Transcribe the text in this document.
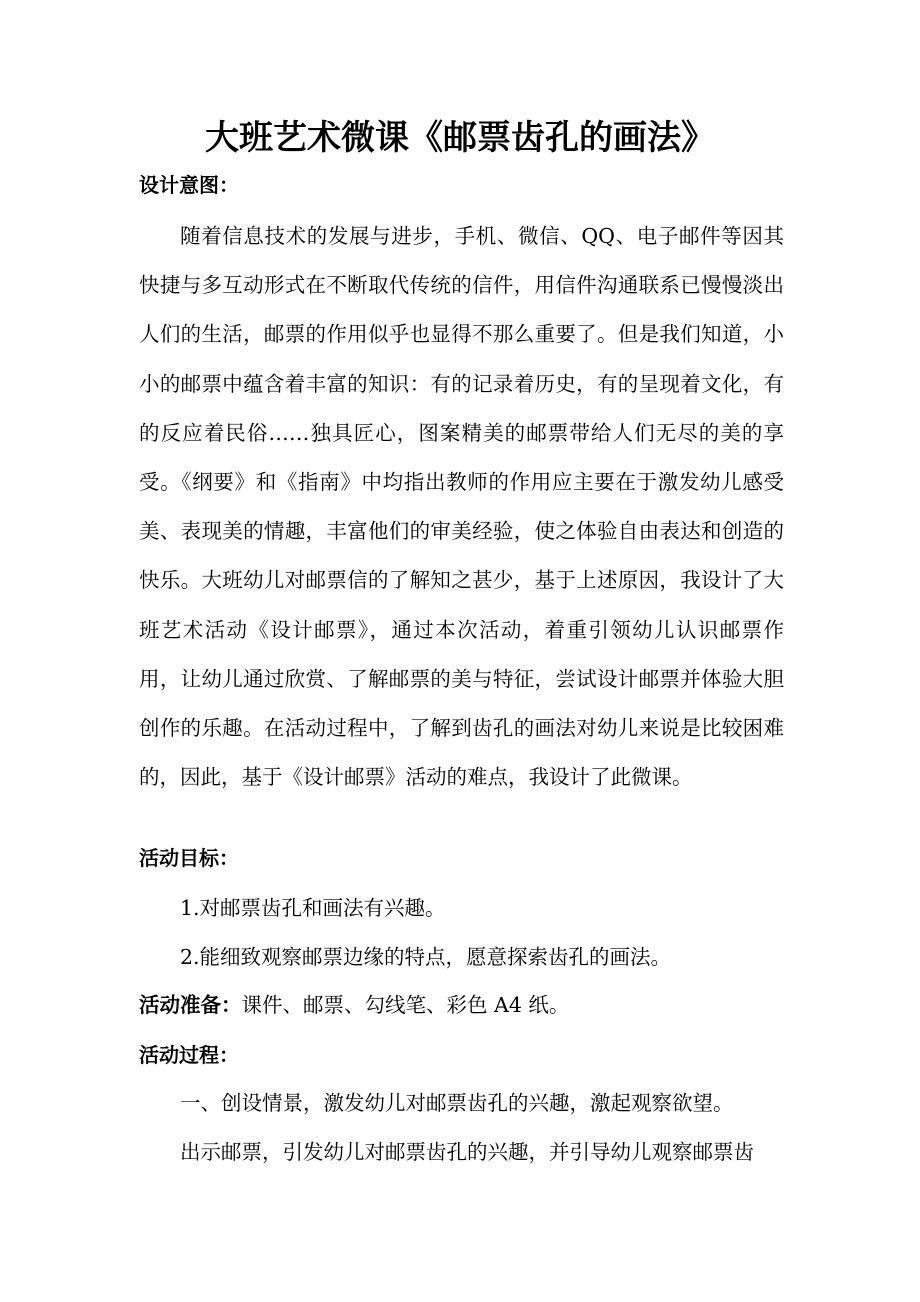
大班艺术微课《邮票齿孔的画法》

设计意图：

随着信息技术的发展与进步，手机、微信、QQ、电子邮件等因其快捷与多互动形式在不断取代传统的信件，用信件沟通联系已慢慢淡出人们的生活，邮票的作用似乎也显得不那么重要了。但是我们知道，小小的邮票中蕴含着丰富的知识：有的记录着历史，有的呈现着文化，有的反应着民俗……独具匠心，图案精美的邮票带给人们无尽的美的享受。《纲要》和《指南》中均指出教师的作用应主要在于激发幼儿感受美、表现美的情趣，丰富他们的审美经验，使之体验自由表达和创造的快乐。大班幼儿对邮票信的了解知之甚少，基于上述原因，我设计了大班艺术活动《设计邮票》，通过本次活动，着重引领幼儿认识邮票作用，让幼儿通过欣赏、了解邮票的美与特征，尝试设计邮票并体验大胆创作的乐趣。在活动过程中，了解到齿孔的画法对幼儿来说是比较困难的，因此，基于《设计邮票》活动的难点，我设计了此微课。

活动目标：

1.对邮票齿孔和画法有兴趣。

2.能细致观察邮票边缘的特点，愿意探索齿孔的画法。

活动准备：课件、邮票、勾线笔、彩色 A4 纸。

活动过程：

一、创设情景，激发幼儿对邮票齿孔的兴趣，激起观察欲望。

出示邮票，引发幼儿对邮票齿孔的兴趣，并引导幼儿观察邮票齿
